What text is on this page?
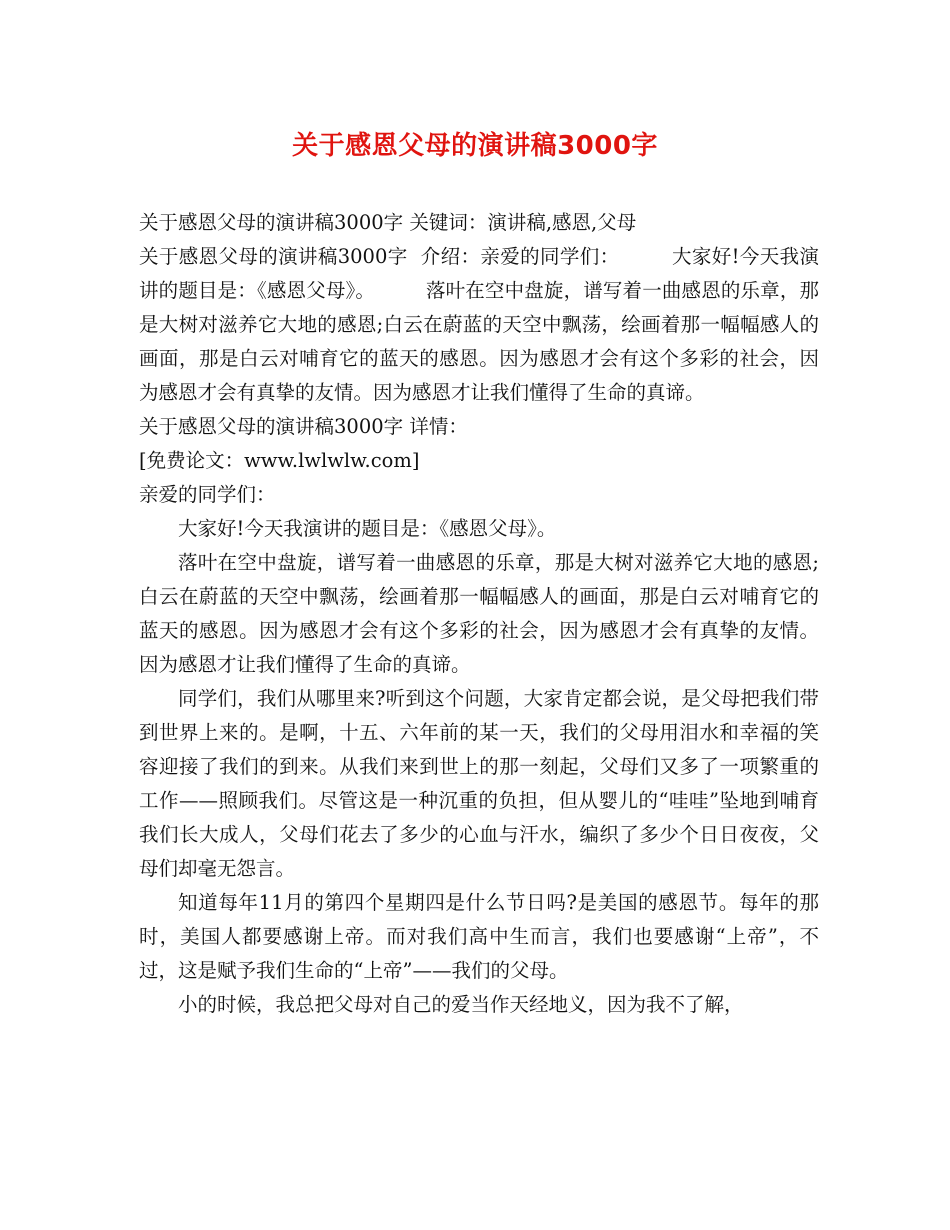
关于感恩父母的演讲稿3000字

关于感恩父母的演讲稿3000字 关键词：演讲稿,感恩,父母

关于感恩父母的演讲稿3000字  介绍：亲爱的同学们：        大家好!今天我演讲的题目是：《感恩父母》。        落叶在空中盘旋，谱写着一曲感恩的乐章，那是大树对滋养它大地的感恩;白云在蔚蓝的天空中飘荡，绘画着那一幅幅感人的画面，那是白云对哺育它的蓝天的感恩。因为感恩才会有这个多彩的社会，因为感恩才会有真挚的友情。因为感恩才让我们懂得了生命的真谛。

关于感恩父母的演讲稿3000字 详情：

[免费论文：www.lwlwlw.com]

亲爱的同学们：

大家好!今天我演讲的题目是：《感恩父母》。

落叶在空中盘旋，谱写着一曲感恩的乐章，那是大树对滋养它大地的感恩;白云在蔚蓝的天空中飘荡，绘画着那一幅幅感人的画面，那是白云对哺育它的蓝天的感恩。因为感恩才会有这个多彩的社会，因为感恩才会有真挚的友情。因为感恩才让我们懂得了生命的真谛。

同学们，我们从哪里来?听到这个问题，大家肯定都会说，是父母把我们带到世界上来的。是啊，十五、六年前的某一天，我们的父母用泪水和幸福的笑容迎接了我们的到来。从我们来到世上的那一刻起，父母们又多了一项繁重的工作——照顾我们。尽管这是一种沉重的负担，但从婴儿的“哇哇”坠地到哺育我们长大成人，父母们花去了多少的心血与汗水，编织了多少个日日夜夜，父母们却毫无怨言。

知道每年11月的第四个星期四是什么节日吗?是美国的感恩节。每年的那时，美国人都要感谢上帝。而对我们高中生而言，我们也要感谢“上帝”，不过，这是赋予我们生命的“上帝”——我们的父母。

小的时候，我总把父母对自己的爱当作天经地义，因为我不了解，
